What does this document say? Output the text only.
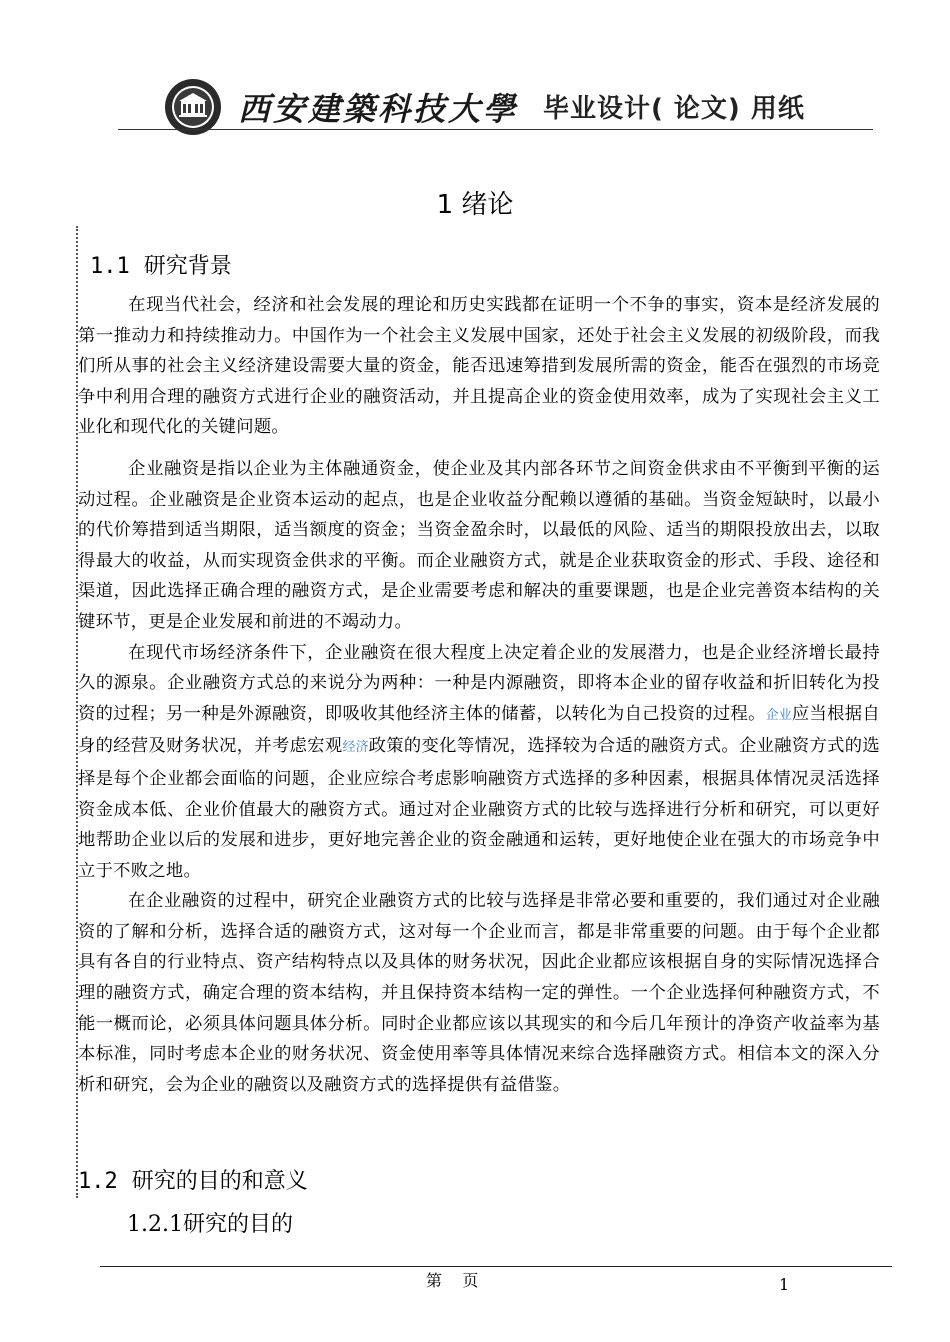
西安建築科技大學 毕业设计( 论文) 用纸
1 绪论
1.1 研究背景

在现当代社会，经济和社会发展的理论和历史实践都在证明一个不争的事实，资本是经济发展的第一推动力和持续推动力。中国作为一个社会主义发展中国家，还处于社会主义发展的初级阶段，而我们所从事的社会主义经济建设需要大量的资金，能否迅速筹措到发展所需的资金，能否在强烈的市场竞争中利用合理的融资方式进行企业的融资活动，并且提高企业的资金使用效率，成为了实现社会主义工业化和现代化的关键问题。

企业融资是指以企业为主体融通资金，使企业及其内部各环节之间资金供求由不平衡到平衡的运动过程。企业融资是企业资本运动的起点，也是企业收益分配赖以遵循的基础。当资金短缺时，以最小的代价筹措到适当期限，适当额度的资金；当资金盈余时，以最低的风险、适当的期限投放出去，以取得最大的收益，从而实现资金供求的平衡。而企业融资方式，就是企业获取资金的形式、手段、途径和渠道，因此选择正确合理的融资方式，是企业需要考虑和解决的重要课题，也是企业完善资本结构的关键环节，更是企业发展和前进的不竭动力。

在现代市场经济条件下，企业融资在很大程度上决定着企业的发展潜力，也是企业经济增长最持久的源泉。企业融资方式总的来说分为两种：一种是内源融资，即将本企业的留存收益和折旧转化为投资的过程；另一种是外源融资，即吸收其他经济主体的储蓄，以转化为自己投资的过程。企业应当根据自身的经营及财务状况，并考虑宏观经济政策的变化等情况，选择较为合适的融资方式。企业融资方式的选择是每个企业都会面临的问题，企业应综合考虑影响融资方式选择的多种因素，根据具体情况灵活选择资金成本低、企业价值最大的融资方式。通过对企业融资方式的比较与选择进行分析和研究，可以更好地帮助企业以后的发展和进步，更好地完善企业的资金融通和运转，更好地使企业在强大的市场竞争中立于不败之地。

在企业融资的过程中，研究企业融资方式的比较与选择是非常必要和重要的，我们通过对企业融资的了解和分析，选择合适的融资方式，这对每一个企业而言，都是非常重要的问题。由于每个企业都具有各自的行业特点、资产结构特点以及具体的财务状况，因此企业都应该根据自身的实际情况选择合理的融资方式，确定合理的资本结构，并且保持资本结构一定的弹性。一个企业选择何种融资方式，不能一概而论，必须具体问题具体分析。同时企业都应该以其现实的和今后几年预计的净资产收益率为基本标准，同时考虑本企业的财务状况、资金使用率等具体情况来综合选择融资方式。相信本文的深入分析和研究，会为企业的融资以及融资方式的选择提供有益借鉴。

1.2 研究的目的和意义
1.2.1研究的目的
第    页	1
